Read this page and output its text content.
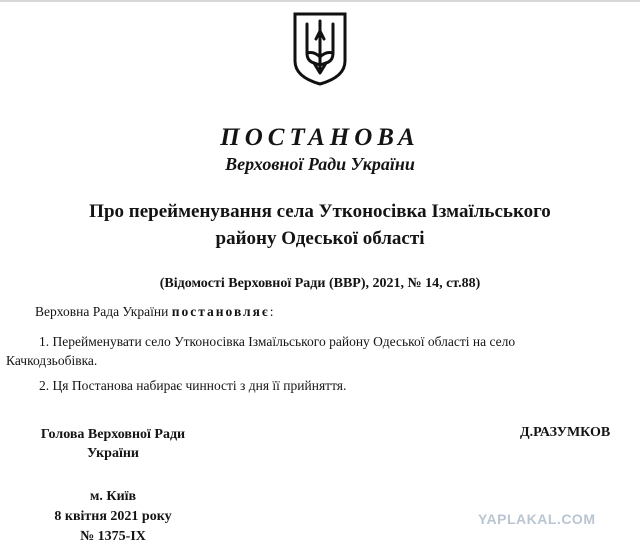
ПОСТАНОВА
Верховної Ради України
Про перейменування села Утконосівка Ізмаїльського
району Одеської області
(Відомості Верховної Ради (ВВР), 2021, № 14, ст.88)
Верховна Рада України постановляє:
1. Перейменувати село Утконосівка Ізмаїльського району Одеської області на село
Качкодзьобівка.
2. Ця Постанова набирає чинності з дня її прийняття.
Голова Верховної Ради
України
Д.РАЗУМКОВ
м. Київ
8 квітня 2021 року
№ 1375-IX
YAPLAKAL.COM
